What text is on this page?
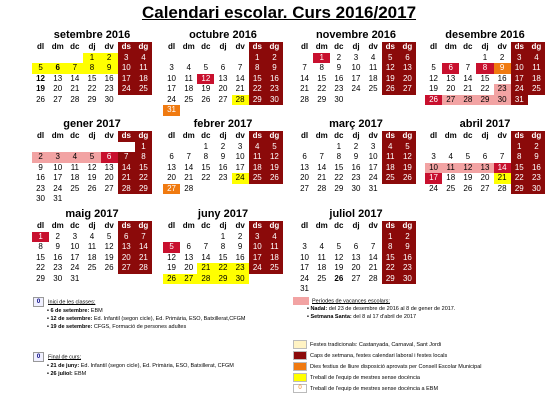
Calendari escolar. Curs 2016/2017
setembre 2016
dl	dm	dc	dj	dv	ds	dg
			1	2	3	4
5	6	7	8	9	10	11
12	13	14	15	16	17	18
19	20	21	22	23	24	25
26	27	28	29	30		
octubre 2016
dl	dm	dc	dj	dv	ds	dg
					1	2
3	4	5	6	7	8	9
10	11	12	13	14	15	16
17	18	19	20	21	22	23
24	25	26	27	28	29	30
31						
novembre 2016
dl	dm	dc	dj	dv	ds	dg
	1	2	3	4	5	6
7	8	9	10	11	12	13
14	15	16	17	18	19	20
21	22	23	24	25	26	27
28	29	30				
desembre 2016
dl	dm	dc	dj	dv	ds	dg
			1	2	3	4
5	6	7	8	9	10	11
12	13	14	15	16	17	18
19	20	21	22	23	24	25
26	27	28	29	30	31	
gener 2017
dl	dm	dc	dj	dv	ds	dg
						1
2	3	4	5	6	7	8
9	10	11	12	13	14	15
16	17	18	19	20	21	22
23	24	25	26	27	28	29
30	31					
febrer 2017
dl	dm	dc	dj	dv	ds	dg
		1	2	3	4	5
6	7	8	9	10	11	12
13	14	15	16	17	18	19
20	21	22	23	24	25	26
27	28					
març 2017
dl	dm	dc	dj	dv	ds	dg
		1	2	3	4	5
6	7	8	9	10	11	12
13	14	15	16	17	18	19
20	21	22	23	24	25	26
27	28	29	30	31		
abril 2017
dl	dm	dc	dj	dv	ds	dg
					1	2
3	4	5	6	7	8	9
10	11	12	13	14	15	16
17	18	19	20	21	22	23
24	25	26	27	28	29	30
maig 2017
dl	dm	dc	dj	dv	ds	dg
1	2	3	4	5	6	7
8	9	10	11	12	13	14
15	16	17	18	19	20	21
22	23	24	25	26	27	28
29	30	31				
juny 2017
dl	dm	dc	dj	dv	ds	dg
			1	2	3	4
5	6	7	8	9	10	11
12	13	14	15	16	17	18
19	20	21	22	23	24	25
26	27	28	29	30		
juliol 2017
dl	dm	dc	dj	dv	ds	dg
					1	2
3	4	5	6	7	8	9
10	11	12	13	14	15	16
17	18	19	20	21	22	23
24	25	26	27	28	29	30
31						
0 Inici de les classes:
• 6 de setembre: EBM
• 12 de setembre: Ed. Infantil (segon cicle), Ed. Primària, ESO, Batxillerat,CFGM
• 19 de setembre: CFGS, Formació de persones adultes
0 Final de curs:
• 21 de juny: Ed. Infantil (segon cicle), Ed. Primària, ESO, Batxillerat, CFGM
• 26 juliol: EBM
Períodes de vacances escolars:
• Nadal: del 23 de desembre de 2016 al 8 de gener de 2017.
• Setmana Santa: del 8 al 17 d'abril de 2017
Festes tradicionals: Castanyada, Carnaval, Sant Jordi
Caps de setmana, festes calendari laboral i festes locals
Dies festius de lliure disposició aprovats per Consell Escolar Municipal
Treball de l'equip de mestres sense docència
0 Treball de l'equip de mestres sense docència a EBM
